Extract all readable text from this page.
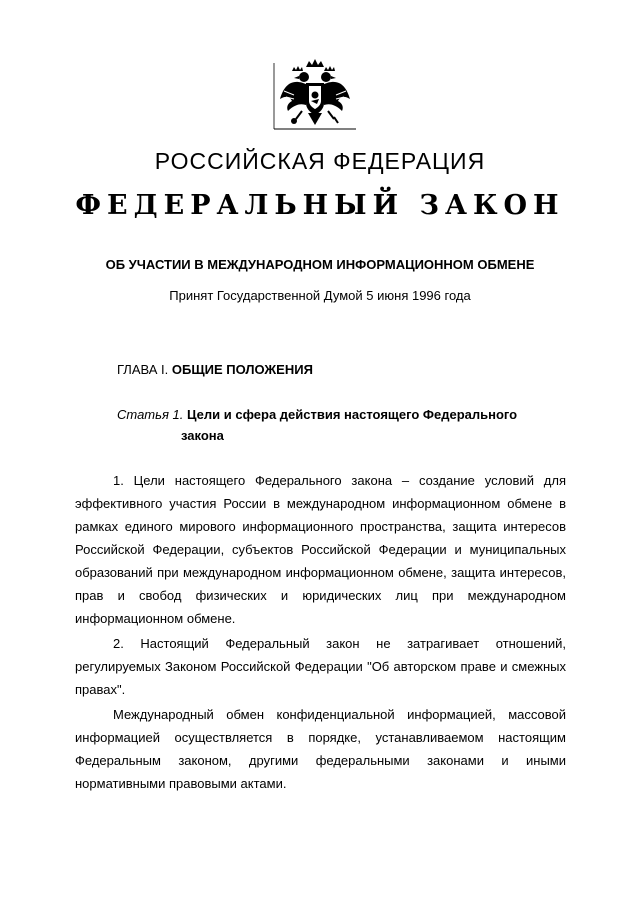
РОССИЙСКАЯ ФЕДЕРАЦИЯ
ФЕДЕРАЛЬНЫЙ ЗАКОН
ОБ УЧАСТИИ В МЕЖДУНАРОДНОМ ИНФОРМАЦИОННОМ ОБМЕНЕ
Принят Государственной Думой 5 июня 1996 года
ГЛАВА I. ОБЩИЕ ПОЛОЖЕНИЯ
Статья 1. Цели и сфера действия настоящего Федерального
закона

1. Цели настоящего Федерального закона – создание условий для эффективного участия России в международном информационном обмене в рамках единого мирового информационного пространства, защита интересов Российской Федерации, субъектов Российской Федерации и муниципальных образований при международном информационном обмене, защита интересов, прав и свобод физических и юридических лиц при международном информационном обмене.

2. Настоящий Федеральный закон не затрагивает отношений, регулируемых Законом Российской Федерации "Об авторском праве и смежных правах".

Международный обмен конфиденциальной информацией, массовой информацией осуществляется в порядке, устанавливаемом настоящим Федеральным законом, другими федеральными законами и иными нормативными правовыми актами.
